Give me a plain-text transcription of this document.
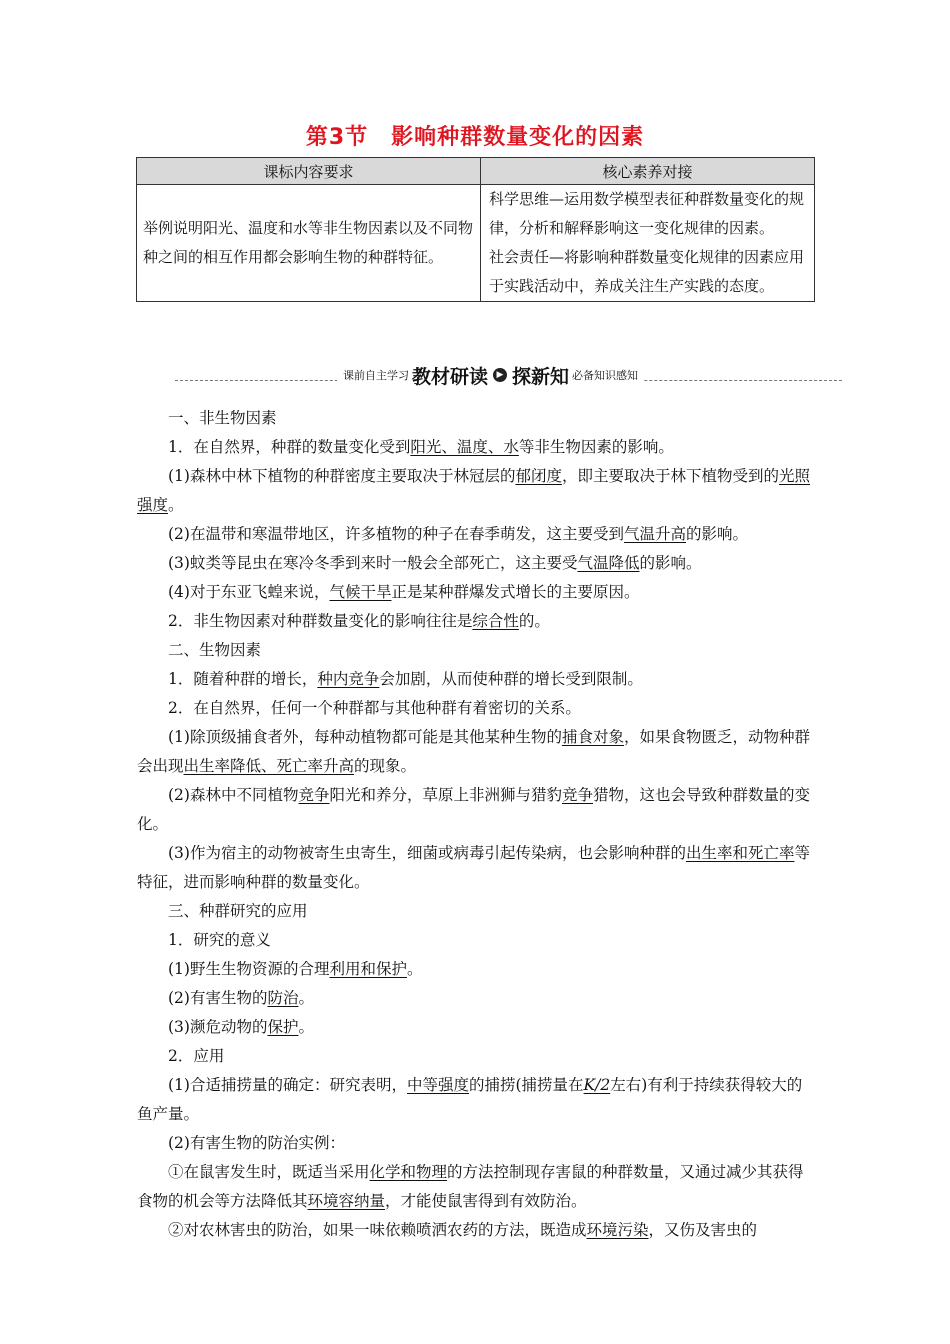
第3节　影响种群数量变化的因素
课标内容要求	核心素养对接
举例说明阳光、温度和水等非生物因素以及不同物种之间的相互作用都会影响生物的种群特征。	科学思维—运用数学模型表征种群数量变化的规律，分析和解释影响这一变化规律的因素。
社会责任—将影响种群数量变化规律的因素应用于实践活动中，养成关注生产实践的态度。
课前自主学习 教材研读 ▶ 探新知 必备知识感知

一、非生物因素

1．在自然界，种群的数量变化受到阳光、温度、水等非生物因素的影响。

(1)森林中林下植物的种群密度主要取决于林冠层的郁闭度，即主要取决于林下植物受到的光照强度。

(2)在温带和寒温带地区，许多植物的种子在春季萌发，这主要受到气温升高的影响。

(3)蚊类等昆虫在寒冷冬季到来时一般会全部死亡，这主要受气温降低的影响。

(4)对于东亚飞蝗来说，气候干旱正是某种群爆发式增长的主要原因。

2．非生物因素对种群数量变化的影响往往是综合性的。

二、生物因素

1．随着种群的增长，种内竞争会加剧，从而使种群的增长受到限制。

2．在自然界，任何一个种群都与其他种群有着密切的关系。

(1)除顶级捕食者外，每种动植物都可能是其他某种生物的捕食对象，如果食物匮乏，动物种群会出现出生率降低、死亡率升高的现象。

(2)森林中不同植物竞争阳光和养分，草原上非洲狮与猎豹竞争猎物，这也会导致种群数量的变化。

(3)作为宿主的动物被寄生虫寄生，细菌或病毒引起传染病，也会影响种群的出生率和死亡率等特征，进而影响种群的数量变化。

三、种群研究的应用

1．研究的意义

(1)野生生物资源的合理利用和保护。

(2)有害生物的防治。

(3)濒危动物的保护。

2．应用

(1)合适捕捞量的确定：研究表明，中等强度的捕捞(捕捞量在K/2左右)有利于持续获得较大的鱼产量。

(2)有害生物的防治实例：

①在鼠害发生时，既适当采用化学和物理的方法控制现存害鼠的种群数量，又通过减少其获得食物的机会等方法降低其环境容纳量，才能使鼠害得到有效防治。

②对农林害虫的防治，如果一味依赖喷洒农药的方法，既造成环境污染，又伤及害虫的
